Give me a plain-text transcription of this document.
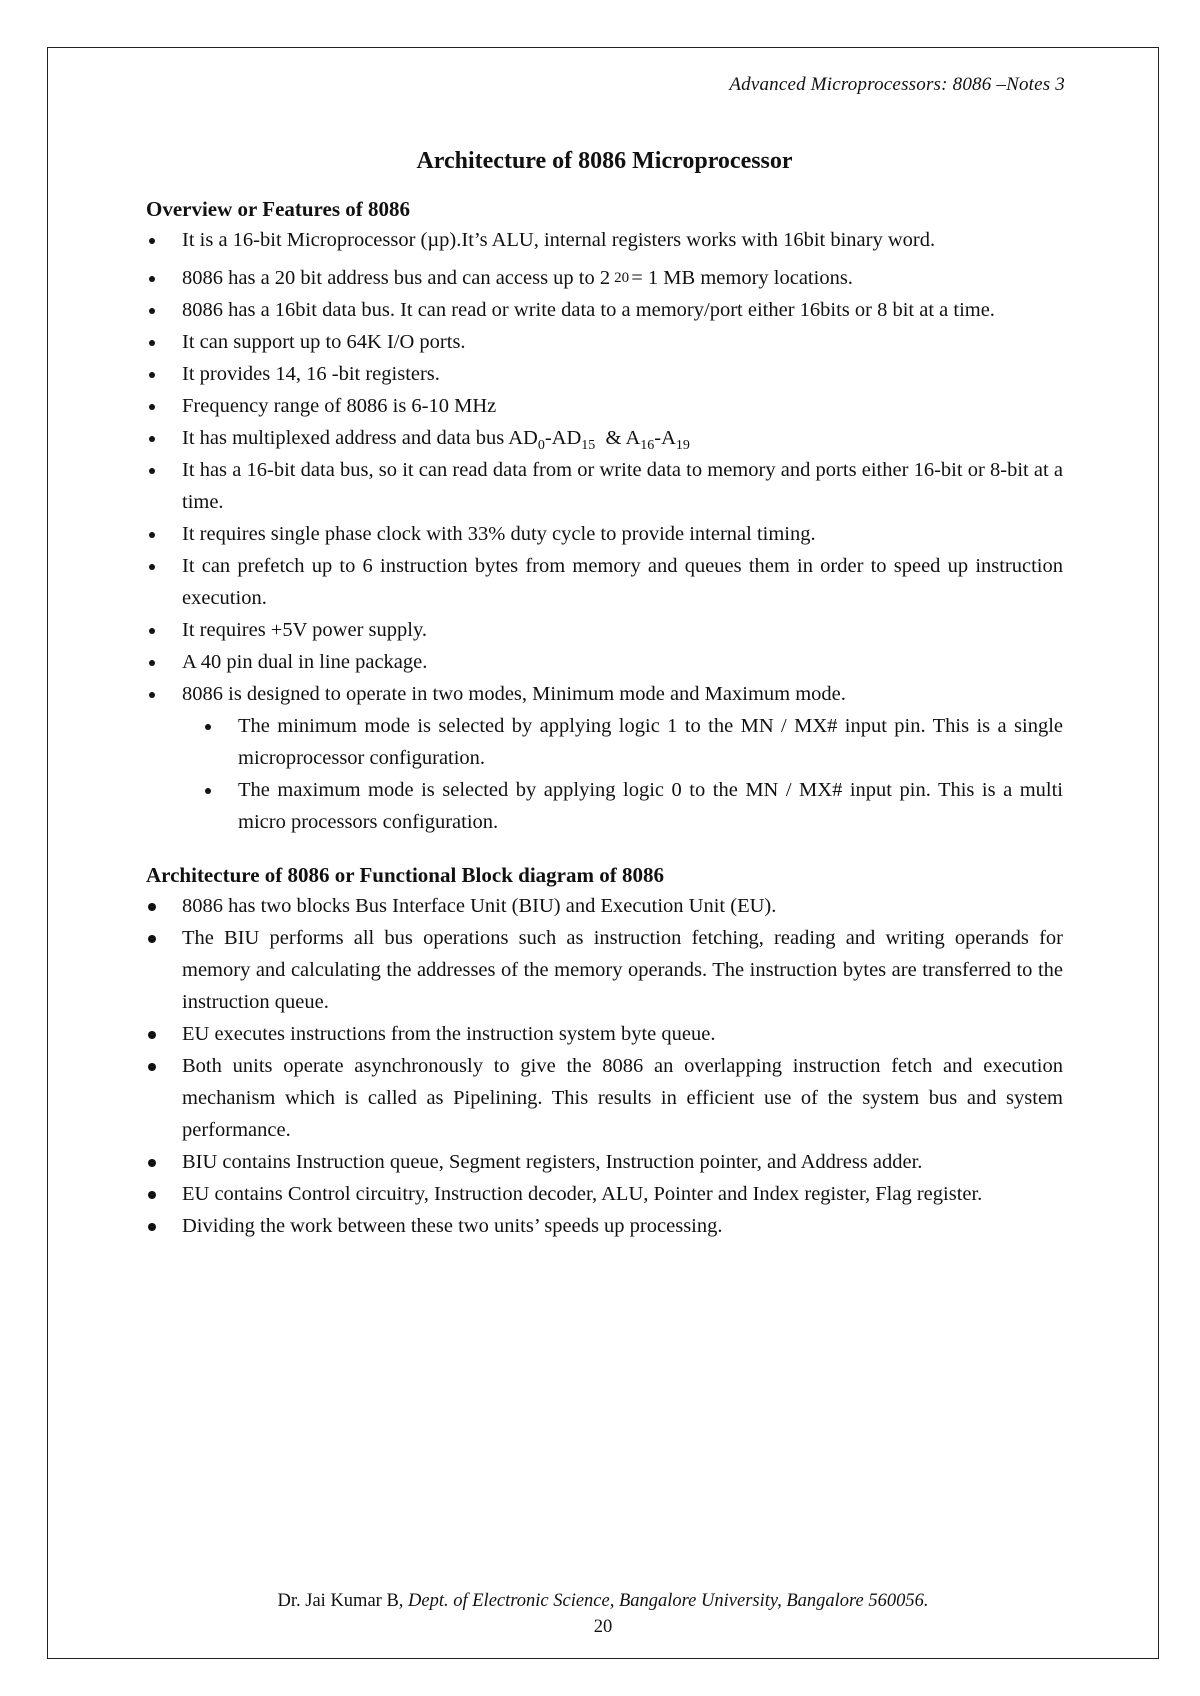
Advanced Microprocessors: 8086 –Notes 3
Architecture of 8086 Microprocessor
Overview or Features of 8086
It is a 16-bit Microprocessor (µp).It’s ALU, internal registers works with 16bit binary word.
8086 has a 20 bit address bus and can access up to 2 20
= 1 MB memory locations.
8086 has a 16bit data bus. It can read or write data to a memory/port either 16bits or 8 bit at a time.
It can support up to 64K I/O ports.
It provides 14, 16 -bit registers.
Frequency range of 8086 is 6-10 MHz
It has multiplexed address and data bus $AD_0-AD_{15}$  & $A_{16}-A_{19}$
It has a 16-bit data bus, so it can read data from or write data to memory and ports either 16-bit or 8-bit at a time.
It requires single phase clock with 33% duty cycle to provide internal timing.
It can prefetch up to 6 instruction bytes from memory and queues them in order to speed up instruction execution.
It requires +5V power supply.
A 40 pin dual in line package.
8086 is designed to operate in two modes, Minimum mode and Maximum mode.
The minimum mode is selected by applying logic 1 to the MN / MX# input pin. This is a single microprocessor configuration.
The maximum mode is selected by applying logic 0 to the MN / MX# input pin. This is a multi micro processors configuration.
Architecture of 8086 or Functional Block diagram of 8086
8086 has two blocks Bus Interface Unit (BIU) and Execution Unit (EU).
The BIU performs all bus operations such as instruction fetching, reading and writing operands for memory and calculating the addresses of the memory operands. The instruction bytes are transferred to the instruction queue.
EU executes instructions from the instruction system byte queue.
Both units operate asynchronously to give the 8086 an overlapping instruction fetch and execution mechanism which is called as Pipelining. This results in efficient use of the system bus and system performance.
BIU contains Instruction queue, Segment registers, Instruction pointer, and Address adder.
EU contains Control circuitry, Instruction decoder, ALU, Pointer and Index register, Flag register.
Dividing the work between these two units’ speeds up processing.
Dr. Jai Kumar B, Dept. of Electronic Science, Bangalore University, Bangalore 560056.
20
